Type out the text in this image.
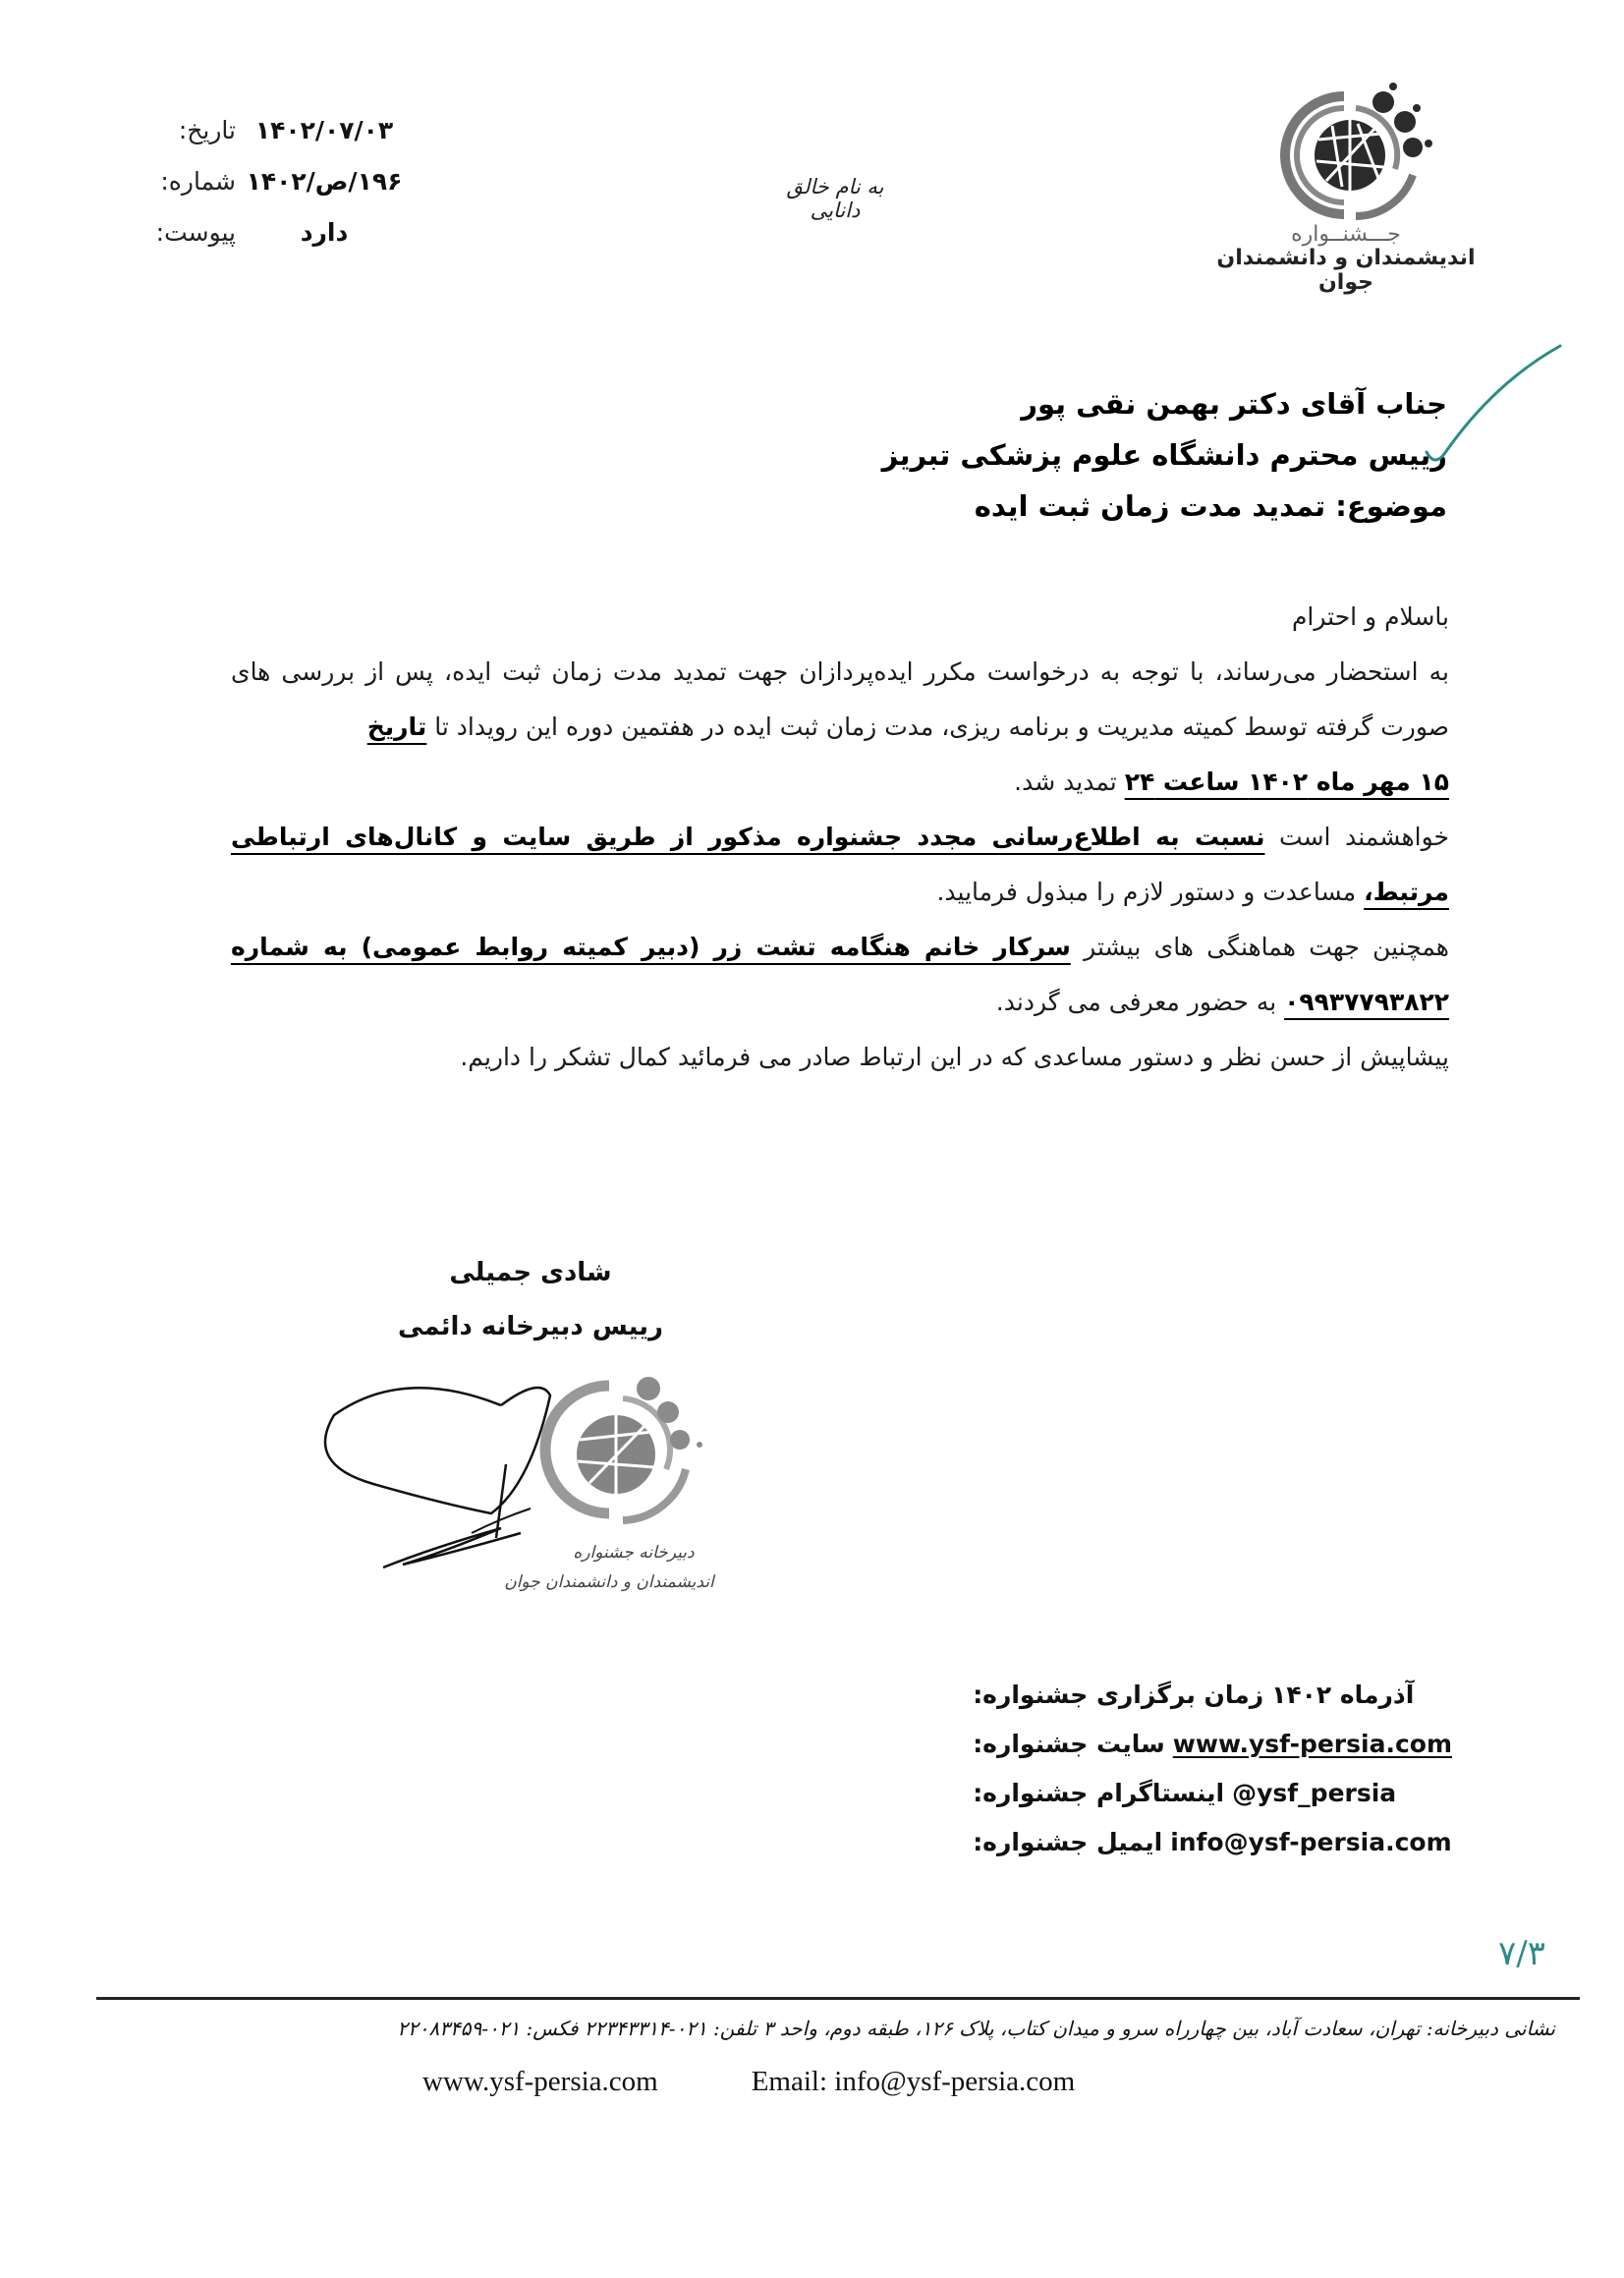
تاریخ: ۱۴۰۲/۰۷/۰۳
شماره: ۱۹۶/ص/۱۴۰۲
پیوست:	دارد
به نام خالق دانایی
جـــشنــواره
اندیشمندان و دانشمندان جوان
جناب آقای دکتر بهمن نقی پور
رییس محترم دانشگاه علوم پزشکی تبریز
موضوع: تمدید مدت زمان ثبت ایده

باسلام و احترام

به استحضار می‌رساند، با توجه به درخواست مکرر ایده‌پردازان جهت تمدید مدت زمان ثبت ایده، پس از بررسی های صورت گرفته توسط کمیته مدیریت و برنامه ریزی، مدت زمان ثبت ایده در هفتمین دوره این رویداد تا تاریخ
۱۵ مهر ماه ۱۴۰۲ ساعت ۲۴ تمدید شد.

خواهشمند است نسبت به اطلاع‌رسانی مجدد جشنواره مذکور از طریق سایت و کانال‌های ارتباطی مرتبط، مساعدت و دستور لازم را مبذول فرمایید.

همچنین جهت هماهنگی های بیشتر سرکار خانم هنگامه تشت زر (دبیر کمیته روابط عمومی) به شماره ۰۹۹۳۷۷۹۳۸۲۲ به حضور معرفی می گردند.

پیشاپیش از حسن نظر و دستور مساعدی که در این ارتباط صادر می فرمائید کمال تشکر را داریم.

شادی جمیلی
رییس دبیرخانه دائمی
دبیرخانه جشنواره
اندیشمندان و دانشمندان جوان
زمان برگزاری جشنواره: آذرماه ۱۴۰۲
سایت جشنواره: www.ysf-persia.com
اینستاگرام جشنواره: @ysf_persia
ایمیل جشنواره: info@ysf-persia.com
۷/۳
نشانی دبیرخانه: تهران، سعادت آباد، بین چهارراه سرو و میدان کتاب، پلاک ۱۲۶، طبقه دوم، واحد ۳ تلفن: ۰۲۱-۲۲۳۴۳۳۱۴ فکس: ۰۲۱-۲۲۰۸۳۴۵۹
www.ysf-persia.com	Email: info@ysf-persia.com
